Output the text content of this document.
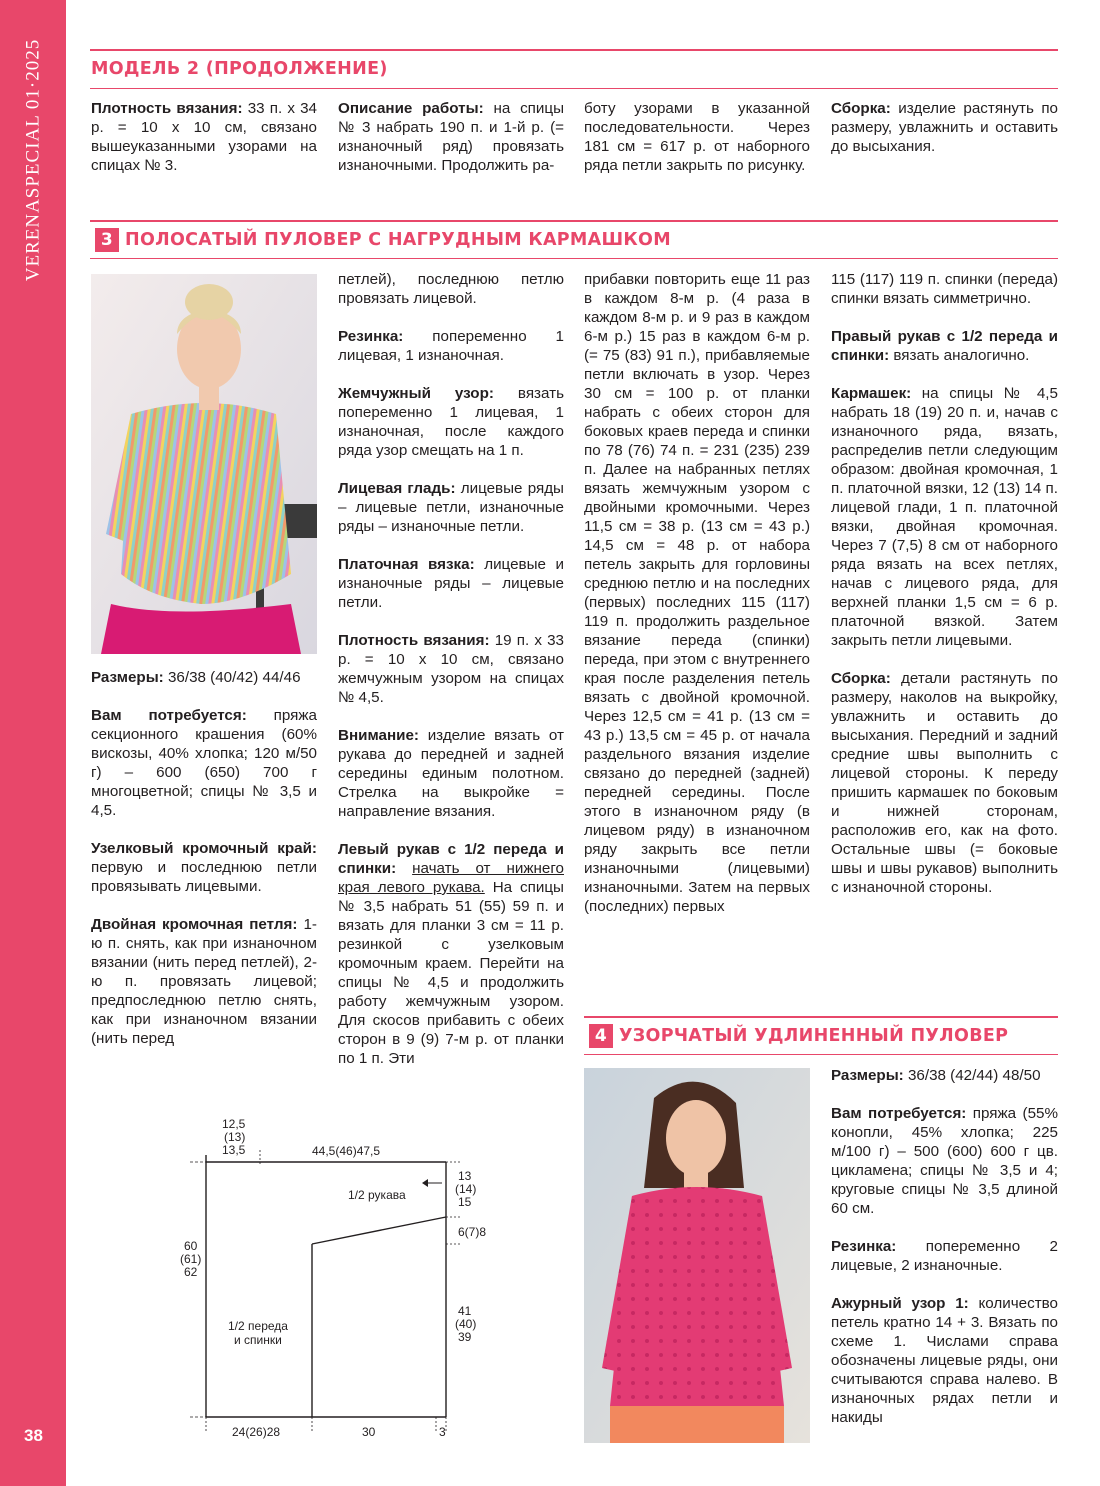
VERENASPECIAL 01·2025
38
МОДЕЛЬ 2 (ПРОДОЛЖЕНИЕ)

Плотность вязания: 33 п. х 34 р. = 10 х 10 см, связано вышеуказанными узорами на спицах № 3.

Описание работы: на спицы № 3 набрать 190 п. и 1-й р. (= изнаночный ряд) провязать изнаночными. Продолжить ра-

боту узорами в указанной последовательности. Через 181 см = 617 р. от наборного ряда петли закрыть по рисунку.

Сборка: изделие растянуть по размеру, увлажнить и оставить до высыхания.

3 ПОЛОСАТЫЙ ПУЛОВЕР С НАГРУДНЫМ КАРМАШКОМ

Размеры: 36/38 (40/42) 44/46

Вам потребуется: пряжа секционного крашения (60% вискозы, 40% хлопка; 120 м/50 г) – 600 (650) 700 г многоцветной; спицы № 3,5 и 4,5.

Узелковый кромочный край: первую и последнюю петли провязывать лицевыми.

Двойная кромочная петля: 1-ю п. снять, как при изнаночном вязании (нить перед петлей), 2-ю п. провязать лицевой; предпоследнюю петлю снять, как при изнаночном вязании (нить перед

петлей), последнюю петлю провязать лицевой.

Резинка: попеременно 1 лицевая, 1 изнаночная.

Жемчужный узор: вязать попеременно 1 лицевая, 1 изнаночная, после каждого ряда узор смещать на 1 п.

Лицевая гладь: лицевые ряды – лицевые петли, изнаночные ряды – изнаночные петли.

Платочная вязка: лицевые и изнаночные ряды – лицевые петли.

Плотность вязания: 19 п. х 33 р. = 10 х 10 см, связано жемчужным узором на спицах № 4,5.

Внимание: изделие вязать от рукава до передней и задней середины единым полотном. Стрелка на выкройке = направление вязания.

Левый рукав с 1/2 переда и спинки: начать от нижнего края левого рукава. На спицы № 3,5 набрать 51 (55) 59 п. и вязать для планки 3 см = 11 р. резинкой с узелковым кромочным краем. Перейти на спицы № 4,5 и продолжить работу жемчужным узором. Для скосов прибавить с обеих сторон в 9 (9) 7-м р. от планки по 1 п. Эти

прибавки повторить еще 11 раз в каждом 8-м р. (4 раза в каждом 8-м р. и 9 раз в каждом 6-м р.) 15 раз в каждом 6-м р. (= 75 (83) 91 п.), прибавляемые петли включать в узор. Через 30 см = 100 р. от планки набрать с обеих сторон для боковых краев переда и спинки по 78 (76) 74 п. = 231 (235) 239 п. Далее на набранных петлях вязать жемчужным узором с двойными кромочными. Через 11,5 см = 38 р. (13 см = 43 р.) 14,5 см = 48 р. от набора петель закрыть для горловины среднюю петлю и на последних (первых) последних 115 (117) 119 п. продолжить раздельное вязание переда (спинки) переда, при этом с внутреннего края после разделения петель вязать с двойной кромочной. Через 12,5 см = 41 р. (13 см = 43 р.) 13,5 см = 45 р. от начала раздельного вязания изделие связано до передней (задней) передней середины. После этого в изнаночном ряду (в лицевом ряду) в изнаночном ряду закрыть все петли изнаночными (лицевыми) изнаночными. Затем на первых (последних) первых

115 (117) 119 п. спинки (переда) спинки вязать симметрично.

Правый рукав с 1/2 переда и спинки: вязать аналогично.

Кармашек: на спицы № 4,5 набрать 18 (19) 20 п. и, начав с изнаночного ряда, вязать, распределив петли следующим образом: двойная кромочная, 1 п. платочной вязки, 12 (13) 14 п. лицевой глади, 1 п. платочной вязки, двойная кромочная. Через 7 (7,5) 8 см от наборного ряда вязать на всех петлях, начав с лицевого ряда, для верхней планки 1,5 см = 6 р. платочной вязкой. Затем закрыть петли лицевыми.

Сборка: детали растянуть по размеру, наколов на выкройку, увлажнить и оставить до высыхания. Передний и задний средние швы выполнить с лицевой стороны. К переду пришить кармашек по боковым и нижней сторонам, расположив его, как на фото. Остальные швы (= боковые швы и швы рукавов) выполнить с изнаночной стороны.

12,5
(13)
13,5	44,5(46)47,5
1/2 рукава
13
(14)
15
6(7)8
60
(61)
62
1/2 переда
и спинки
41
(40)
39
24(26)28	30	3
4 УЗОРЧАТЫЙ УДЛИНЕННЫЙ ПУЛОВЕР

Размеры: 36/38 (42/44) 48/50

Вам потребуется: пряжа (55% конопли, 45% хлопка; 225 м/100 г) – 500 (600) 600 г цв. цикламена; спицы № 3,5 и 4; круговые спицы № 3,5 длиной 60 см.

Резинка: попеременно 2 лицевые, 2 изнаночные.

Ажурный узор 1: количество петель кратно 14 + 3. Вязать по схеме 1. Числами справа обозначены лицевые ряды, они считываются справа налево. В изнаночных рядах петли и накиды
